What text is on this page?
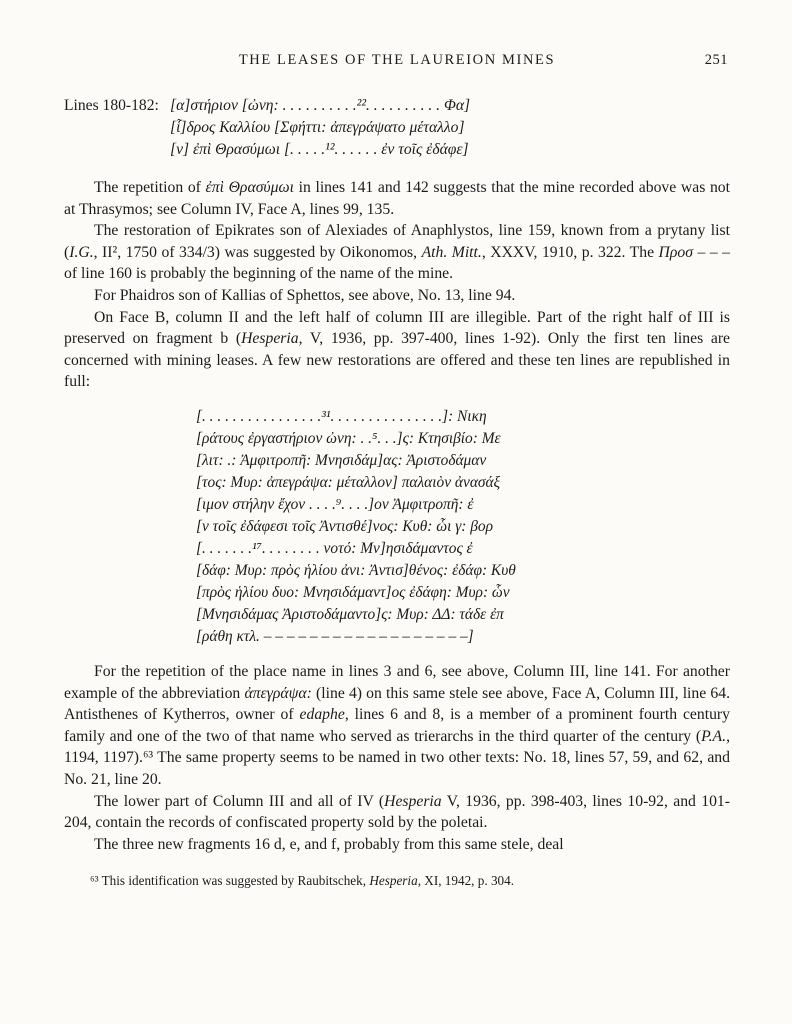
THE LEASES OF THE LAUREION MINES	251
Lines 180-182: [α]στήριον [ὠνη: . . . . . . . . . .²². . . . . . . . . . Φα]
[ἷ]δρος Καλλίου [Σφήττι: ἀπεγράψατο μέταλλο]
[ν] ἐπὶ Θρασύμωι [. . . . .¹². . . . . . ἐν τοῖς ἐδάφε]

The repetition of ἐπὶ Θρασύμωι in lines 141 and 142 suggests that the mine recorded above was not at Thrasymos; see Column IV, Face A, lines 99, 135.

The restoration of Epikrates son of Alexiades of Anaphlystos, line 159, known from a prytany list (I.G., II², 1750 of 334/3) was suggested by Oikonomos, Ath. Mitt., XXXV, 1910, p. 322. The Προσ – – – of line 160 is probably the beginning of the name of the mine.

For Phaidros son of Kallias of Sphettos, see above, No. 13, line 94.

On Face B, column II and the left half of column III are illegible. Part of the right half of III is preserved on fragment b (Hesperia, V, 1936, pp. 397-400, lines 1-92). Only the first ten lines are concerned with mining leases. A few new restorations are offered and these ten lines are republished in full:

[. . . . . . . . . . . . . . . .³¹. . . . . . . . . . . . . . .]: Νικη
[ράτους ἐργαστήριον ὠνη: . .⁵. . .]ς: Κτησιβίο: Με
[λιτ: .: Ἀμφιτροπῆ: Μνησιδάμ]ας: Ἀριστοδάμαν
[τος: Μυρ: ἀπεγράψα: μέταλλον] παλαιὸν ἀνασάξ
[ιμον στήλην ἔχον . . . .⁹. . . .]ον Ἀμφιτροπῆ: ἐ
[ν τοῖς ἐδάφεσι τοῖς Ἀντισθέ]νος: Κυθ: ὧι γ: βορ
[. . . . . . .¹⁷. . . . . . . . νοτό: Μν]ησιδάμαντος ἐ
[δάφ: Μυρ: πρὸς ἡλίου ἀνι: Ἀντισ]θένος: ἐδάφ: Κυθ
[πρὸς ἡλίου δυο: Μνησιδάμαντ]ος ἐδάφη: Μυρ: ὧν
[Μνησιδάμας Ἀριστοδάμαντο]ς: Μυρ: ΔΔ: τάδε ἐπ
[ράθη κτλ. – – – – – – – – – – – – – – – – – –]

For the repetition of the place name in lines 3 and 6, see above, Column III, line 141. For another example of the abbreviation ἀπεγράψα: (line 4) on this same stele see above, Face A, Column III, line 64. Antisthenes of Kytherros, owner of edaphe, lines 6 and 8, is a member of a prominent fourth century family and one of the two of that name who served as trierarchs in the third quarter of the century (P.A., 1194, 1197).⁶³ The same property seems to be named in two other texts: No. 18, lines 57, 59, and 62, and No. 21, line 20.

The lower part of Column III and all of IV (Hesperia V, 1936, pp. 398-403, lines 10-92, and 101-204, contain the records of confiscated property sold by the poletai.

The three new fragments 16 d, e, and f, probably from this same stele, deal

⁶³ This identification was suggested by Raubitschek, Hesperia, XI, 1942, p. 304.
